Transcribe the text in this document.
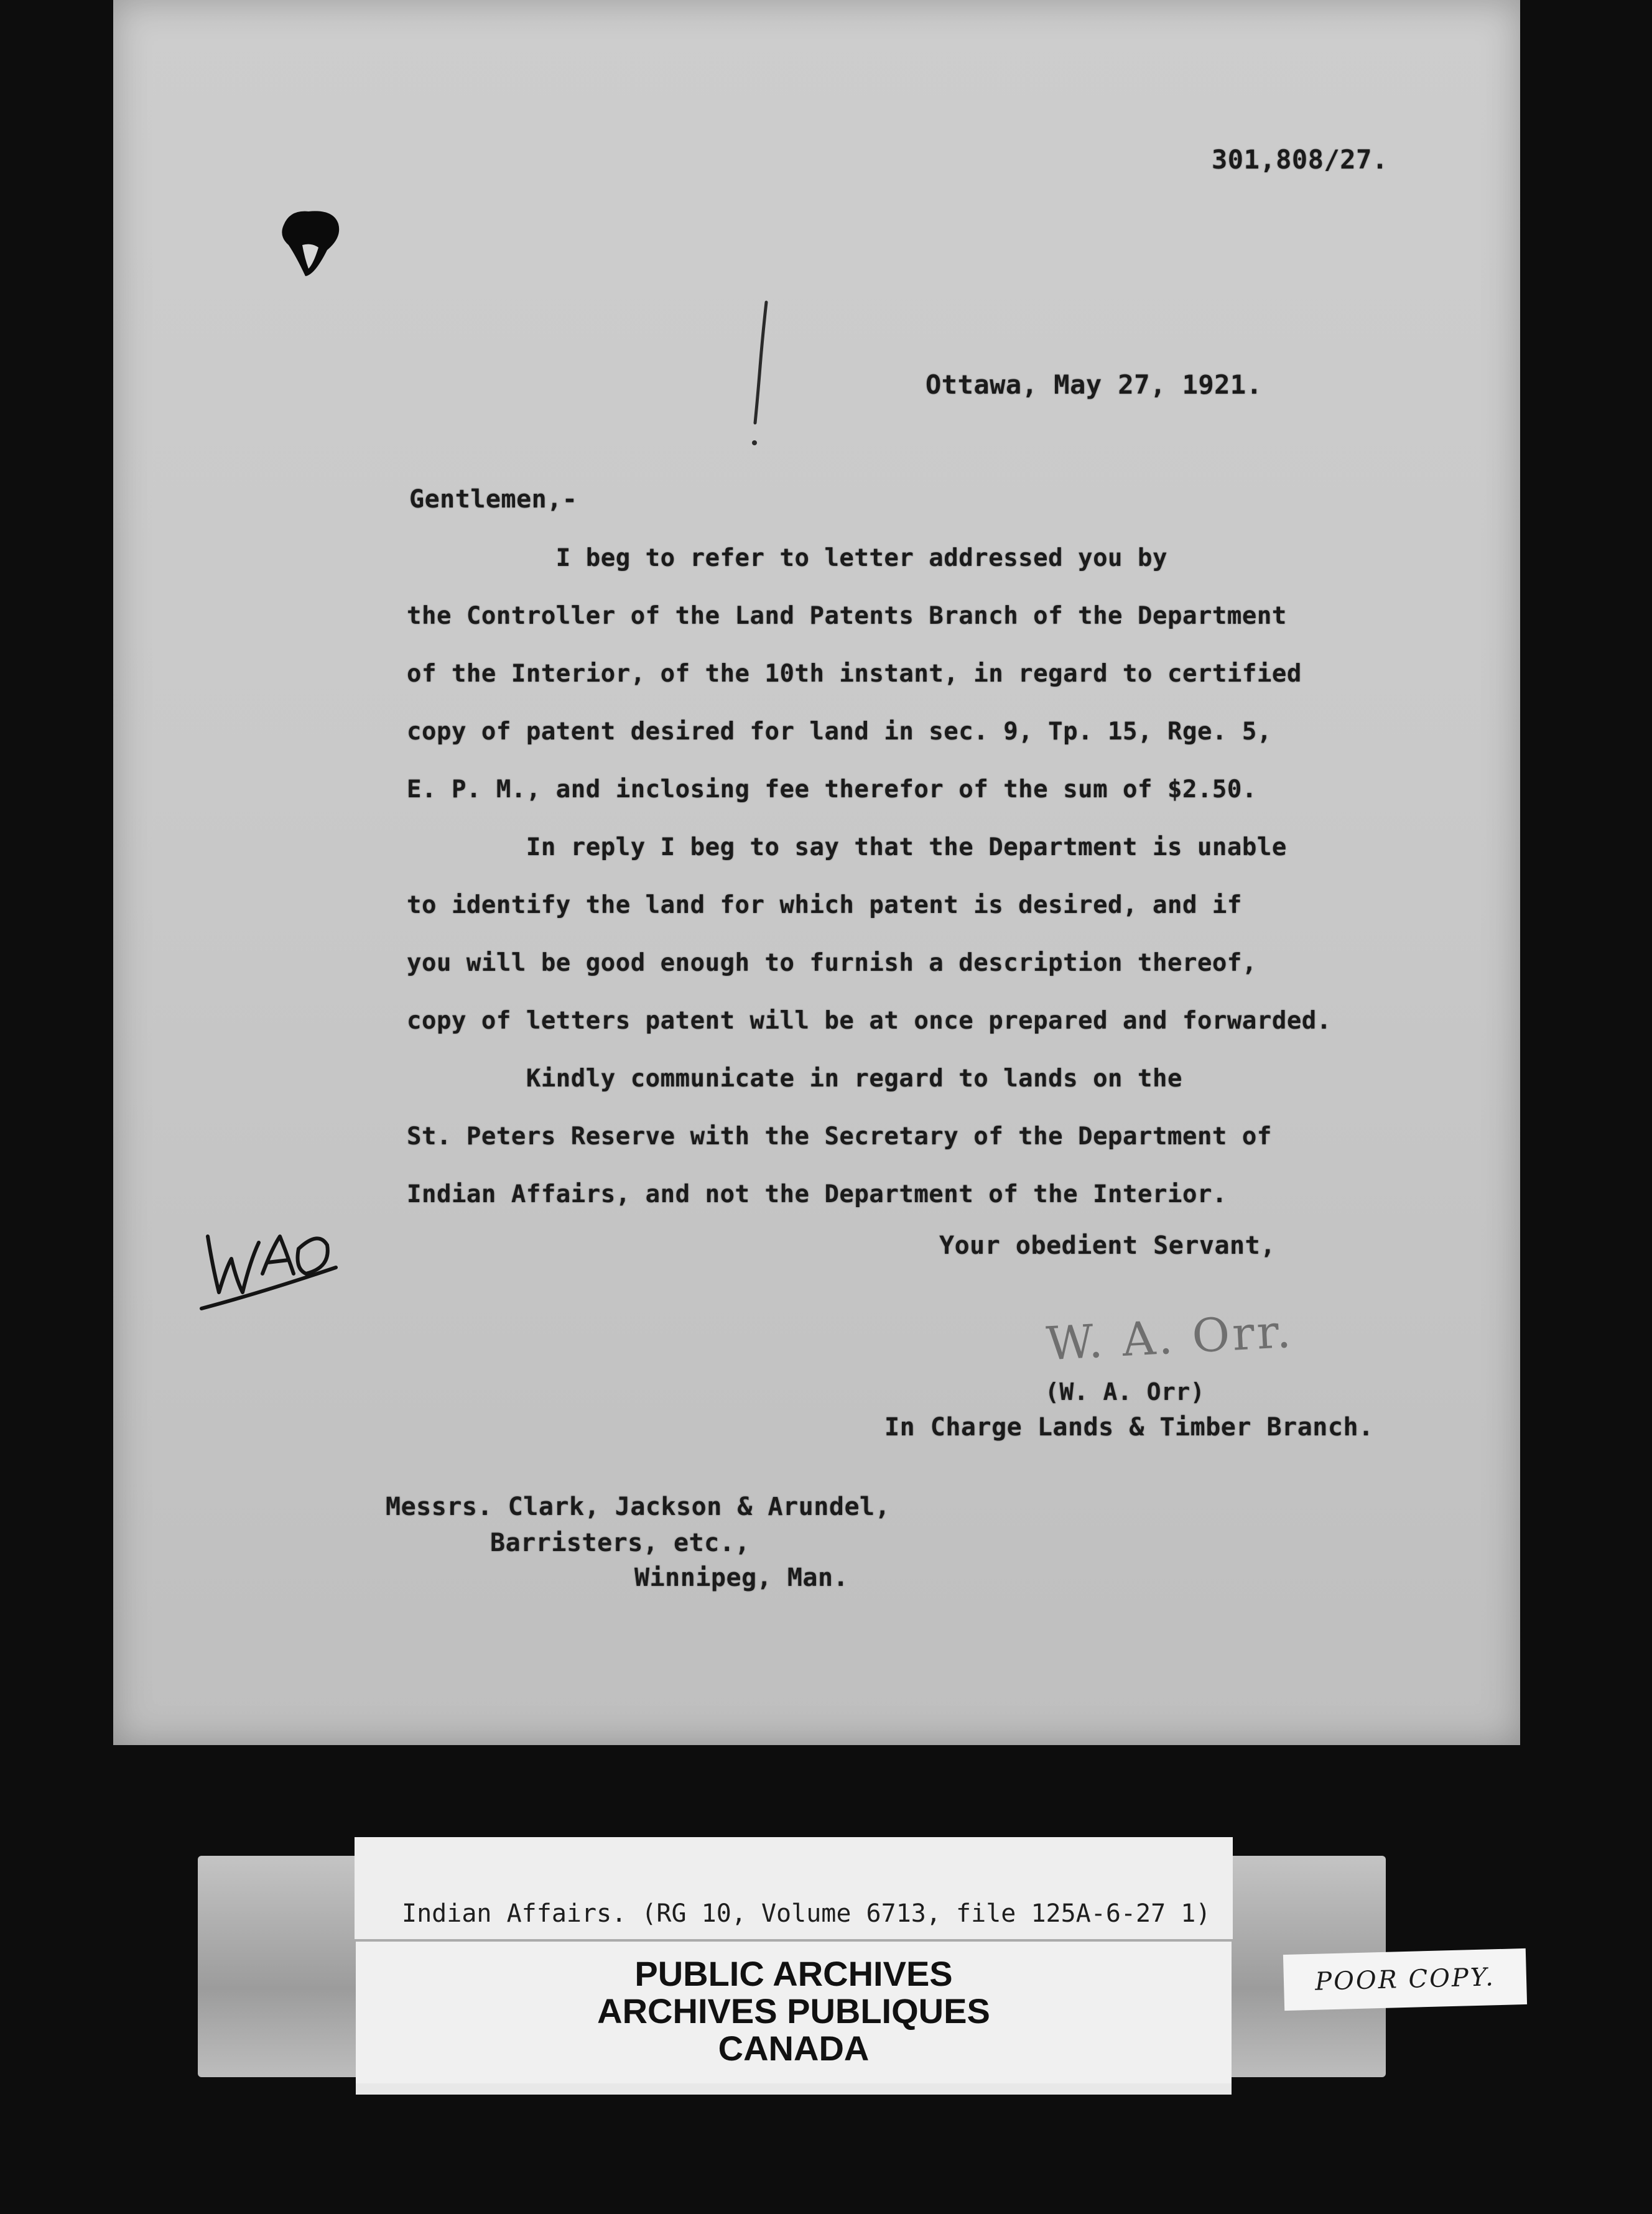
301,808/27.

Ottawa, May 27, 1921.

Gentlemen,-

I beg to refer to letter addressed you by

the Controller of the Land Patents Branch of the Department

of the Interior, of the 10th instant, in regard to certified

copy of patent desired for land in sec. 9, Tp. 15, Rge. 5,

E. P. M., and inclosing fee therefor of the sum of $2.50.

In reply I beg to say that the Department is unable

to identify the land for which patent is desired, and if

you will be good enough to furnish a description thereof,

copy of letters patent will be at once prepared and forwarded.

Kindly communicate in regard to lands on the

St. Peters Reserve with the Secretary of the Department of

Indian Affairs, and not the Department of the Interior.

Your obedient Servant,

W. A. Orr.

(W. A. Orr)

In Charge Lands & Timber Branch.

Messrs. Clark, Jackson & Arundel,

Barristers, etc.,

Winnipeg, Man.

Indian Affairs. (RG 10, Volume 6713, file 125A-6-27 1)
PUBLIC ARCHIVES
ARCHIVES PUBLIQUES
CANADA
POOR COPY.
